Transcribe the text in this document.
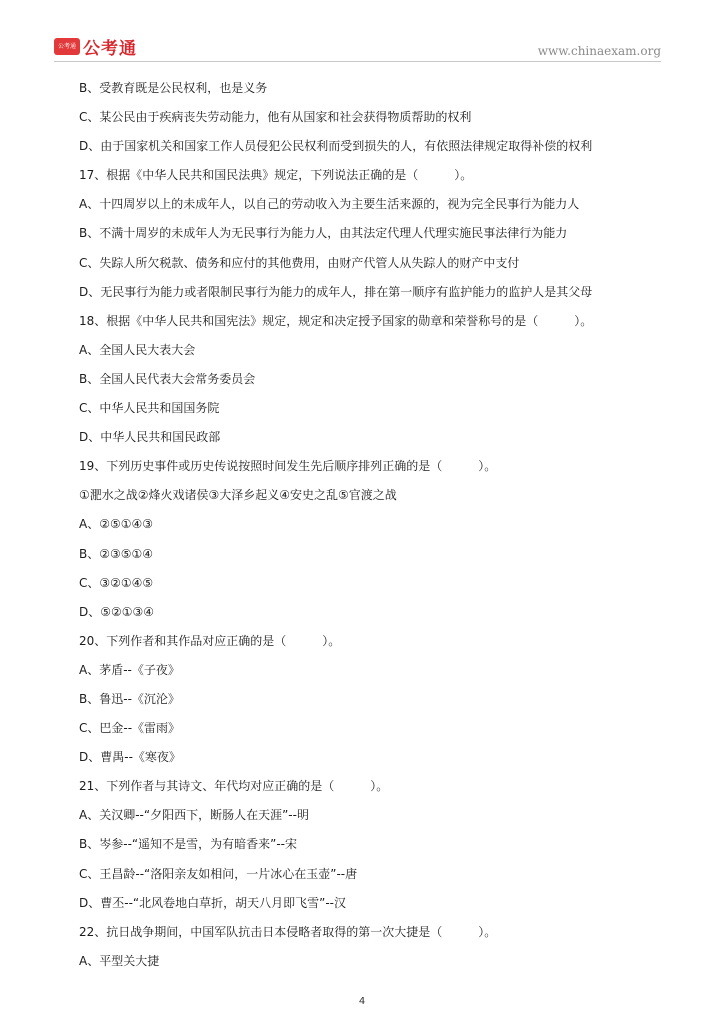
公考通 公考通	www.chinaexam.org
B、受教育既是公民权利，也是义务
C、某公民由于疾病丧失劳动能力，他有从国家和社会获得物质帮助的权利
D、由于国家机关和国家工作人员侵犯公民权利而受到损失的人，有依照法律规定取得补偿的权利
17、根据《中华人民共和国民法典》规定，下列说法正确的是（　　　）。
A、十四周岁以上的未成年人，以自己的劳动收入为主要生活来源的，视为完全民事行为能力人
B、不满十周岁的未成年人为无民事行为能力人，由其法定代理人代理实施民事法律行为能力
C、失踪人所欠税款、债务和应付的其他费用，由财产代管人从失踪人的财产中支付
D、无民事行为能力或者限制民事行为能力的成年人，排在第一顺序有监护能力的监护人是其父母
18、根据《中华人民共和国宪法》规定，规定和决定授予国家的勋章和荣誉称号的是（　　　）。
A、全国人民大表大会
B、全国人民代表大会常务委员会
C、中华人民共和国国务院
D、中华人民共和国民政部
19、下列历史事件或历史传说按照时间发生先后顺序排列正确的是（　　　）。
①淝水之战②烽火戏诸侯③大泽乡起义④安史之乱⑤官渡之战
A、②⑤①④③
B、②③⑤①④
C、③②①④⑤
D、⑤②①③④
20、下列作者和其作品对应正确的是（　　　）。
A、茅盾--《子夜》
B、鲁迅--《沉沦》
C、巴金--《雷雨》
D、曹禺--《寒夜》
21、下列作者与其诗文、年代均对应正确的是（　　　）。
A、关汉卿--“夕阳西下，断肠人在天涯”--明
B、岑参--“遥知不是雪，为有暗香来”--宋
C、王昌龄--“洛阳亲友如相问，一片冰心在玉壶”--唐
D、曹丕--“北风卷地白草折，胡天八月即飞雪”--汉
22、抗日战争期间，中国军队抗击日本侵略者取得的第一次大捷是（　　　）。
A、平型关大捷
4
